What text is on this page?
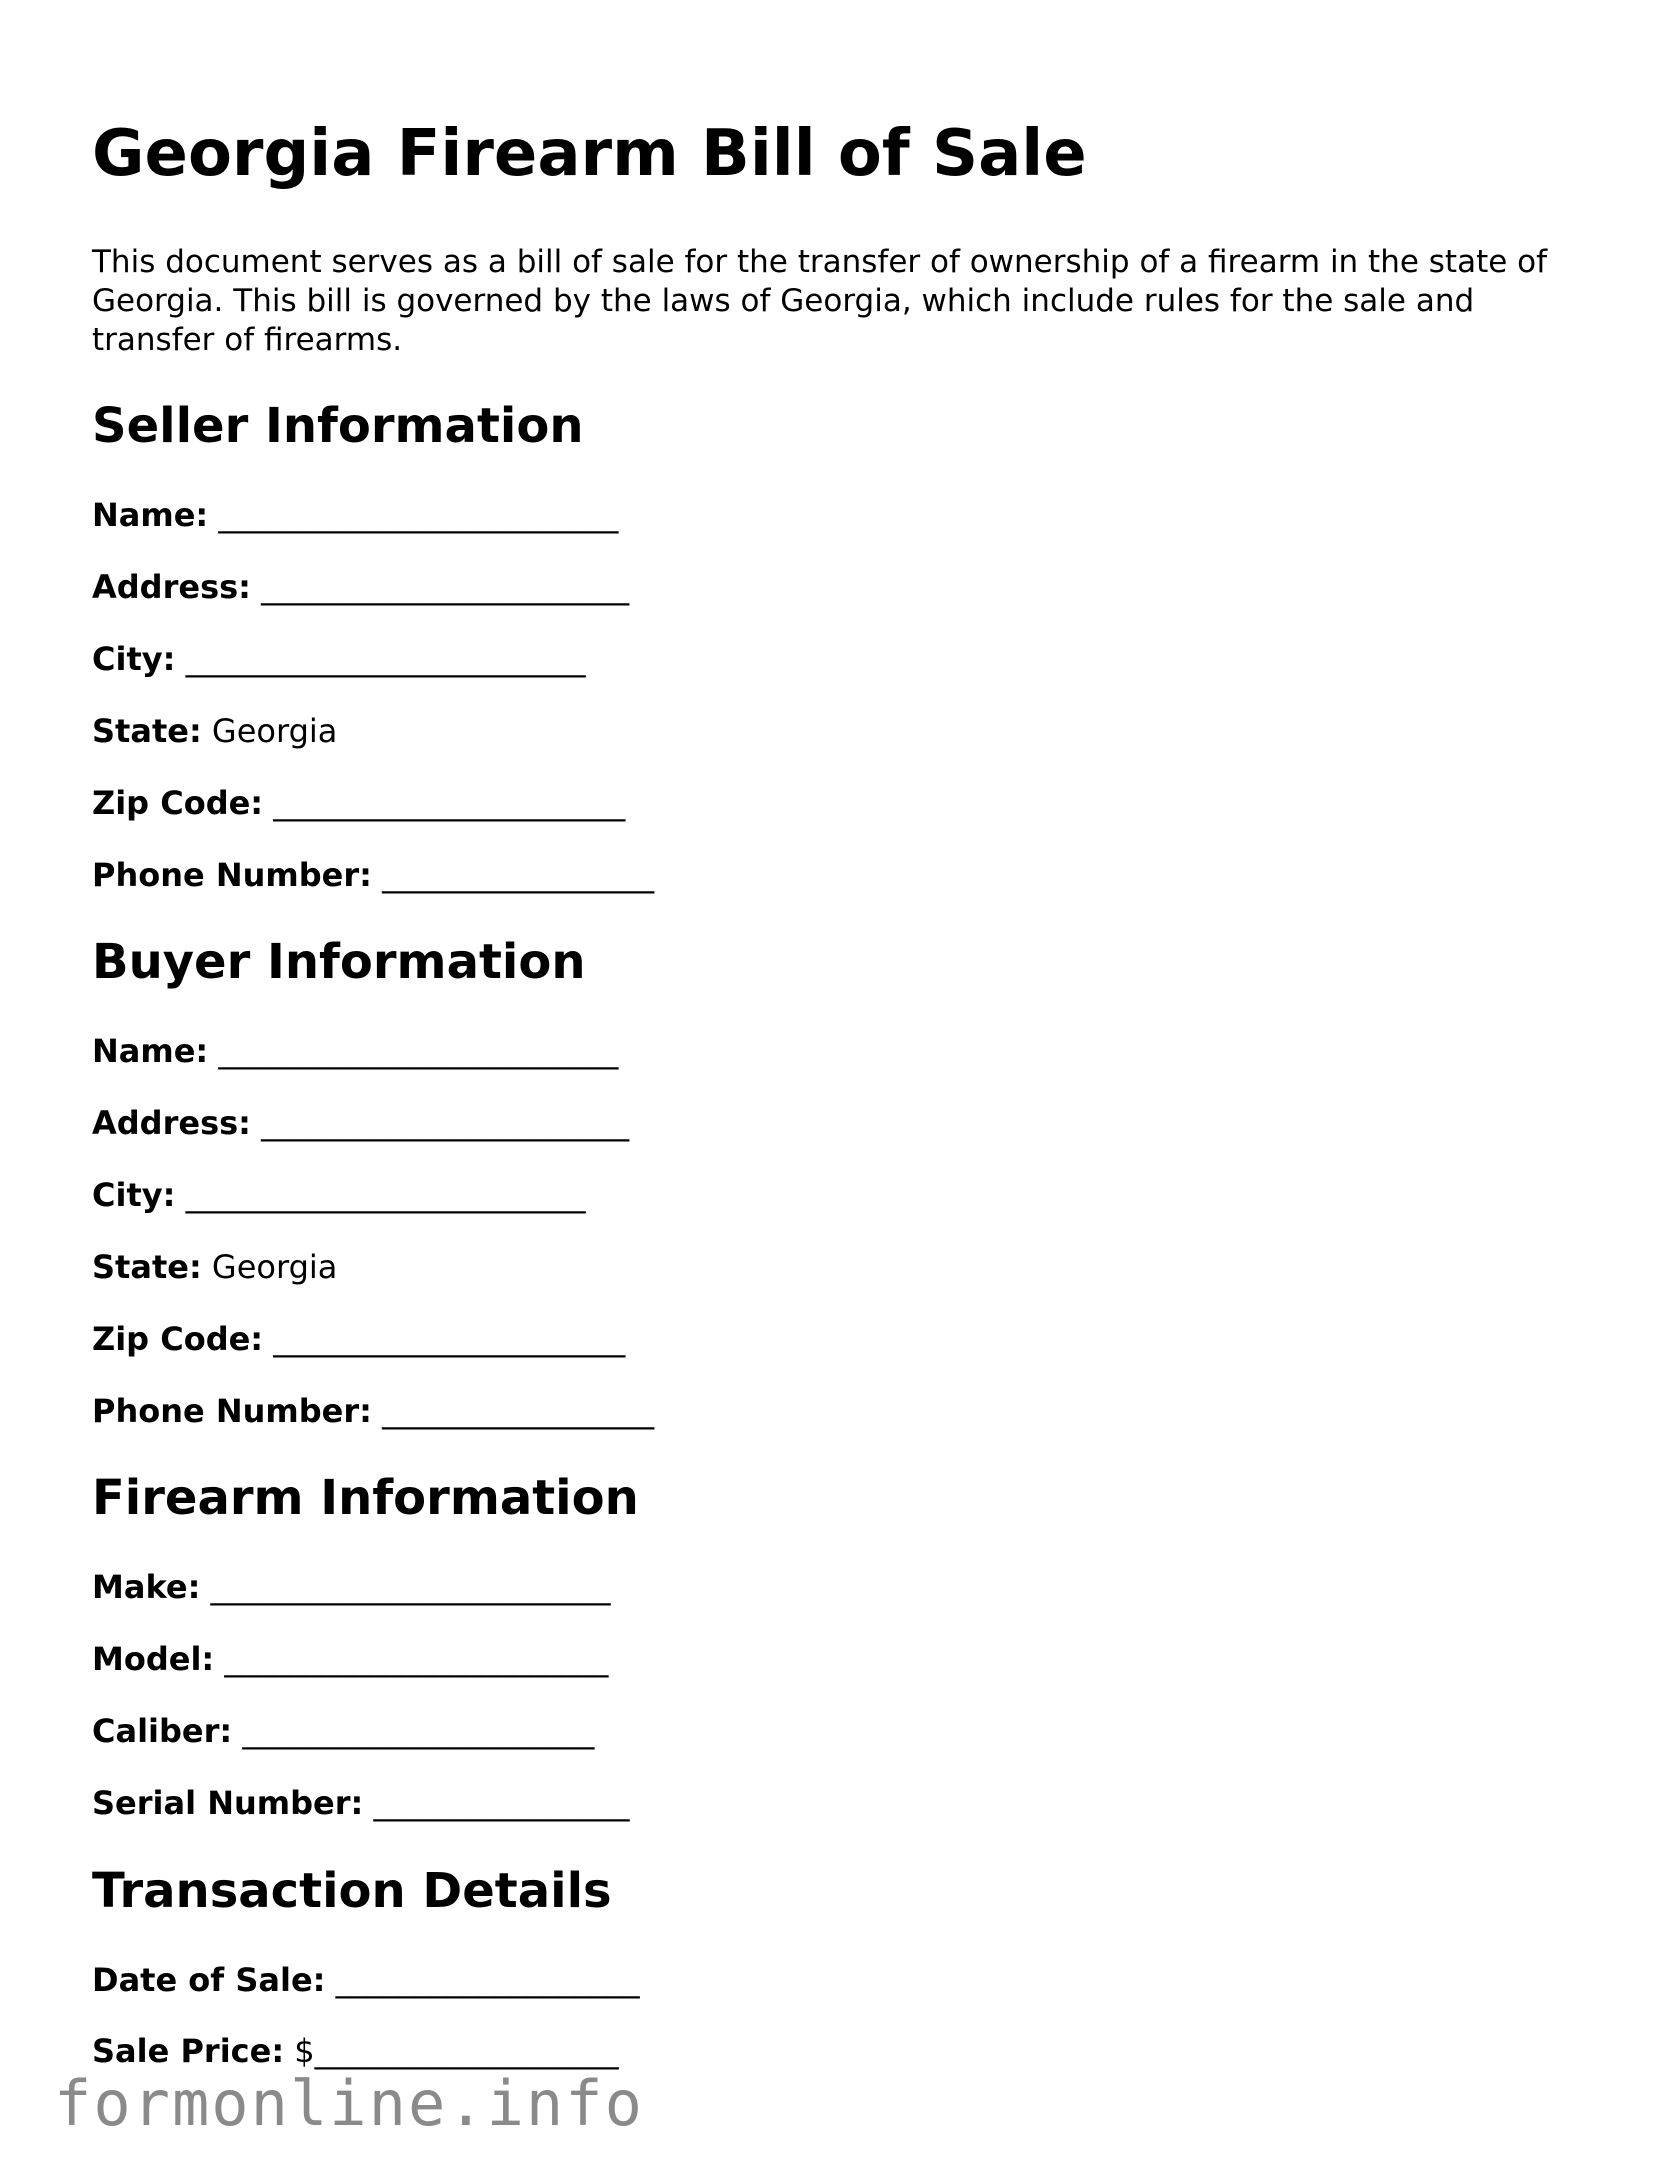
Georgia Firearm Bill of Sale

This document serves as a bill of sale for the transfer of ownership of a firearm in the state of Georgia. This bill is governed by the laws of Georgia, which include rules for the sale and transfer of firearms.

Seller Information

Name: _________________________

Address: _______________________

City: _________________________

State: Georgia

Zip Code: ______________________

Phone Number: _________________

Buyer Information

Name: _________________________

Address: _______________________

City: _________________________

State: Georgia

Zip Code: ______________________

Phone Number: _________________

Firearm Information

Make: _________________________

Model: ________________________

Caliber: ______________________

Serial Number: ________________

Transaction Details

Date of Sale: ___________________

Sale Price: $___________________

formonline.info
